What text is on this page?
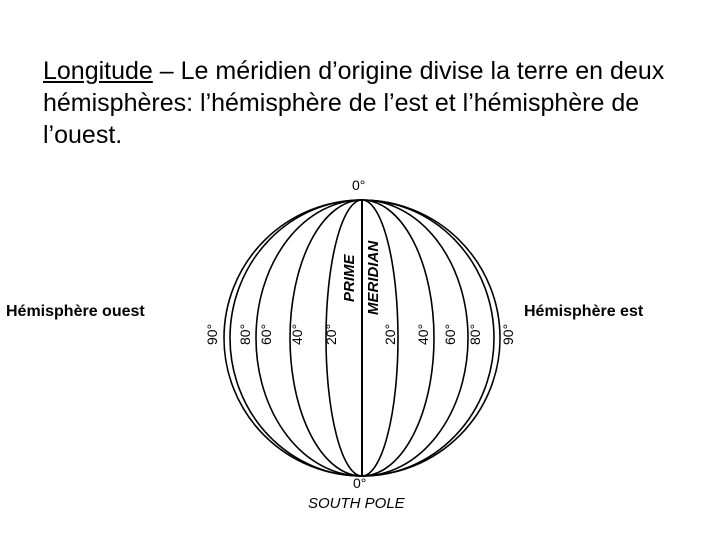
Longitude – Le méridien d’origine divise la terre en deux hémisphères: l’hémisphère de l’est et l’hémisphère de l’ouest.
Hémisphère ouest	Hémisphère est
0°
0°
SOUTH POLE
PRIME MERIDIAN
90° 80° 60° 40° 20°	20° 40° 60° 80° 90°
